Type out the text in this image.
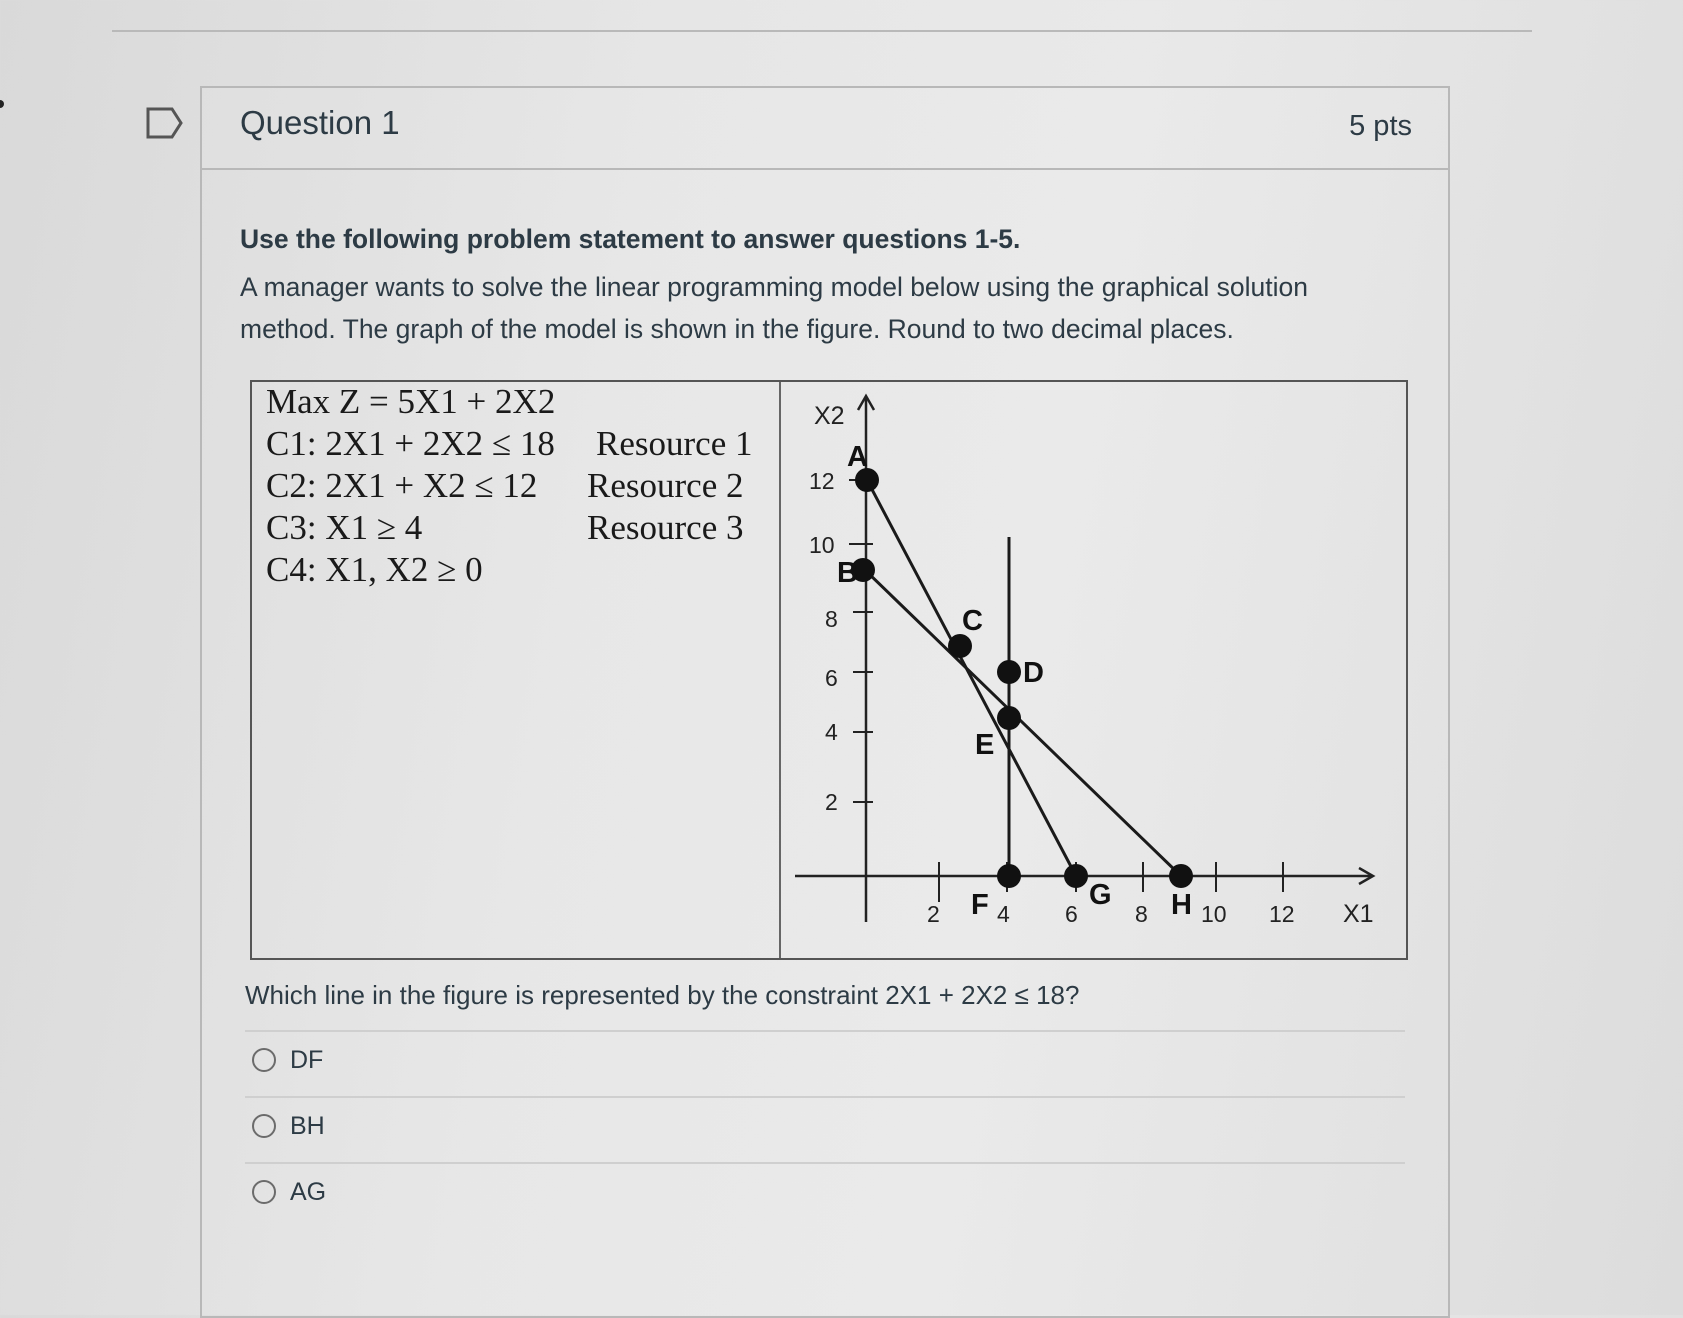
Question 1	5 pts
Use the following problem statement to answer questions 1-5.
A manager wants to solve the linear programming model below using the graphical solution method. The graph of the model is shown in the figure. Round to two decimal places.
Max Z = 5X1 + 2X2
C1: 2X1 + 2X2 ≤ 18
C2: 2X1 + X2 ≤ 12
C3: X1 ≥ 4
C4: X1, X2 ≥ 0
Resource 1
Resource 2
Resource 3
X2
X1
12
10
8
6
4
2
2 4 6 8 10 12
A
B
C
D
E
F	G H
Which line in the figure is represented by the constraint 2X1 + 2X2 ≤ 18?
DF
BH
AG
